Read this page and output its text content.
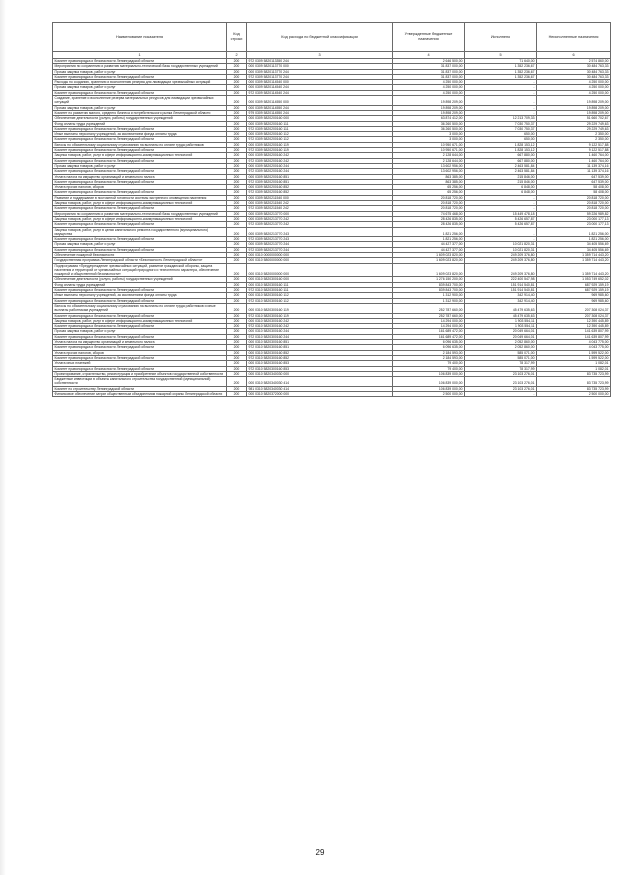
Наименование показателя	Код строки	Код расхода по бюджетной классификации	Утвержденные бюджетные назначения	Исполнено	Неисполненные назначения
1	2	3	4	5	6
Комитет правопорядка и безопасности Ленинградской области	200	972 0309 5820113350 244	2 646 500,00	71 640,00	2 574 860,00
Мероприятия по сохранению и развитию материально-технической базы государственных учреждений	200	000 0309 5820113770 000	31 837 000,00	1 352 236,67	30 484 763,33
Прочая закупка товаров, работ и услуг	200	000 0309 5820113770 244	31 837 000,00	1 352 236,67	30 484 763,33
Комитет правопорядка и безопасности Ленинградской области	200	972 0309 5820113770 244	31 837 000,00	1 352 236,67	30 484 763,33
Расходы по созданию, хранению и восполнению резерва для ликвидации чрезвычайных ситуаций	200	000 0309 5820114540 000	4 250 000,00	-	4 250 000,00
Прочая закупка товаров, работ и услуг	200	000 0309 5820114540 244	4 250 000,00	-	4 250 000,00
Комитет правопорядка и безопасности Ленинградской области	200	972 0309 5820114540 244	4 250 000,00	-	4 250 000,00
Создание, хранение и восполнение резерва материальных ресурсов для ликвидации чрезвычайных ситуаций	200	000 0309 5820114550 000	19 898 209,00	-	19 898 209,00
Прочая закупка товаров, работ и услуг	200	000 0309 5820114550 244	19 898 209,00	-	19 898 209,00
Комитет по развитию малого, среднего бизнеса и потребительского рынка Ленинградской области	200	979 0309 5820114550 244	19 898 209,00	-	19 898 209,00
Обеспечение деятельности (услуги, работы) государственных учреждений	200	000 0309 5820200160 000	63 874 412,00	12 213 709,33	51 660 702,67
Фонд оплаты труда учреждений	200	000 0309 5820200160 111	36 260 500,00	7 030 750,37	29 229 749,63
Комитет правопорядка и безопасности Ленинградской области	200	972 0309 5820200160 111	36 260 500,00	7 030 750,37	29 229 749,63
Иные выплаты персоналу учреждений, за исключением фонда оплаты труда	200	000 0309 5820200160 112	3 000,00	650,00	2 350,00
Комитет правопорядка и безопасности Ленинградской области	200	972 0309 5820200160 112	3 000,00	650,00	2 350,00
Взносы по обязательному социальному страхованию на выплаты по оплате труда работников	200	000 0309 5820200160 119	10 950 671,00	1 828 153,12	9 122 517,88
Комитет правопорядка и безопасности Ленинградской области	200	972 0309 5820200160 119	10 950 671,00	1 828 153,12	9 122 517,88
Закупка товаров, работ, услуг в сфере информационно-коммуникационных технологий	200	000 0309 5820200160 242	2 128 644,00	667 880,00	1 460 764,00
Комитет правопорядка и безопасности Ленинградской области	200	972 0309 5820200160 242	2 128 644,00	667 880,00	1 460 764,00
Прочая закупка товаров, работ и услуг	200	000 0309 5820200160 244	13 602 956,00	2 463 581,84	11 139 374,16
Комитет правопорядка и безопасности Ленинградской области	200	972 0309 5820200160 244	13 602 956,00	2 463 581,84	11 139 374,16
Уплата налога на имущество организаций и земельного налога	200	000 0309 5820200160 851	863 385,00	215 846,00	647 539,00
Комитет правопорядка и безопасности Ленинградской области	200	972 0309 5820200160 851	863 385,00	215 846,00	647 539,00
Уплата прочих налогов, сборов	200	000 0309 5820200160 852	65 256,00	6 848,00	58 408,00
Комитет правопорядка и безопасности Ленинградской области	200	972 0309 5820200160 852	65 256,00	6 848,00	58 408,00
Развитие и поддержание в постоянной готовности системы экстренного оповещения населения	200	000 0309 5820211540 000	20 818 720,00	-	20 818 720,00
Закупка товаров, работ, услуг в сфере информационно-коммуникационных технологий	200	000 0309 5820211540 242	20 818 720,00	-	20 818 720,00
Комитет правопорядка и безопасности Ленинградской области	200	972 0309 5820211540 242	20 818 720,00	-	20 818 720,00
Мероприятия по сохранению и развитию материально-технической базы государственных учреждений	200	000 0309 5820213770 000	74 675 468,00	15 449 478,18	59 226 989,82
Закупка товаров, работ, услуг в сфере информационно-коммуникационных технологий	200	000 0309 5820213770 242	28 426 835,00	5 426 657,87	23 000 177,13
Комитет правопорядка и безопасности Ленинградской области	200	972 0309 5820213770 242	28 426 835,00	5 426 657,87	23 000 177,13
Закупка товаров, работ, услуг в целях капитального ремонта государственного (муниципального) имущества	200	000 0309 5820213770 243	1 821 256,00	-	1 821 256,00
Комитет правопорядка и безопасности Ленинградской области	200	972 0309 5820213770 243	1 821 256,00	-	1 821 256,00
Прочая закупка товаров, работ и услуг	200	000 0309 5820213770 244	44 427 377,00	10 021 820,31	34 405 556,69
Комитет правопорядка и безопасности Ленинградской области	200	972 0309 5820213770 244	44 427 377,00	10 021 820,31	34 405 556,69
Обеспечение пожарной безопасности	200	000 0310 0000000000 000	1 609 023 820,00	249 209 376,80	1 359 714 443,20
Государственная программа Ленинградской области «Безопасность Ленинградской области»	200	000 0310 5800000000 000	1 609 023 820,00	249 209 376,80	1 359 714 443,20
Подпрограмма «Предупреждение чрезвычайных ситуаций, развитие гражданской обороны, защита населения и территорий от чрезвычайных ситуаций природного и техногенного характера, обеспечение пожарной и общественной безопасности»	200	000 0310 5820000000 000	1 609 023 820,00	249 209 376,80	1 359 714 443,20
Обеспечение деятельности (услуги, работы) государственных учреждений	200	000 0310 5820300160 000	1 276 150 200,00	222 400 547,98	1 053 749 652,02
Фонд оплаты труда учреждений	200	000 0310 5820300160 111	839 843 700,00	151 914 540,81	687 929 159,19
Комитет правопорядка и безопасности Ленинградской области	200	972 0310 5820300160 111	839 843 700,00	151 914 540,81	687 929 159,19
Иные выплаты персоналу учреждений, за исключением фонда оплаты труда	200	000 0310 5820300160 112	1 312 900,00	342 914,40	969 985,60
Комитет правопорядка и безопасности Ленинградской области	200	972 0310 5820300160 112	1 312 900,00	342 914,40	969 985,60
Взносы по обязательному социальному страхованию на выплаты по оплате труда работников и иные выплаты работникам учреждений	200	000 0310 5820300160 119	252 787 660,00	45 479 635,63	207 308 024,37
Комитет правопорядка и безопасности Ленинградской области	200	972 0310 5820300160 119	252 787 660,00	45 479 635,63	207 308 024,37
Закупка товаров, работ, услуг в сфере информационно-коммуникационных технологий	200	000 0310 5820300160 242	14 294 000,00	1 903 554,11	12 390 445,89
Комитет правопорядка и безопасности Ленинградской области	200	972 0310 5820300160 242	14 294 000,00	1 903 554,11	12 390 445,89
Прочая закупка товаров, работ и услуг	200	000 0310 5820300160 244	161 689 472,00	20 049 664,01	141 639 807,99
Комитет правопорядка и безопасности Ленинградской области	200	972 0310 5820300160 244	161 689 472,00	20 049 664,01	141 639 807,99
Уплата налога на имущество организаций и земельного налога	200	000 0310 5820300160 851	6 096 635,00	2 052 860,00	4 043 775,00
Комитет правопорядка и безопасности Ленинградской области	200	972 0310 5820300160 851	6 096 635,00	2 052 860,00	4 043 775,00
Уплата прочих налогов, сборов	200	000 0310 5820300160 852	2 184 593,00	585 071,00	1 599 522,00
Комитет правопорядка и безопасности Ленинградской области	200	972 0310 5820300160 852	2 184 593,00	585 071,00	1 599 522,00
Уплата иных платежей	200	000 0310 5820300160 853	79 400,00	78 317,99	1 082,01
Комитет правопорядка и безопасности Ленинградской области	200	972 0310 5820300160 853	79 400,00	78 317,99	1 082,01
Проектирование, строительство, реконструкция и приобретение объектов государственной собственности	200	000 0310 5820340030 000	106 839 000,00	23 103 276,01	83 735 723,99
Бюджетные инвестиции в объекты капитального строительства государственной (муниципальной) собственности	200	000 0310 5820340030 414	106 839 000,00	23 103 276,01	83 735 723,99
Комитет по строительству Ленинградской области	200	981 0310 5820340030 414	106 839 000,00	23 103 276,01	83 735 723,99
Финансовое обеспечение затрат общественным объединениям пожарной охраны Ленинградской области	200	000 0310 5820372000 000	2 500 000,00	-	2 500 000,00
29
